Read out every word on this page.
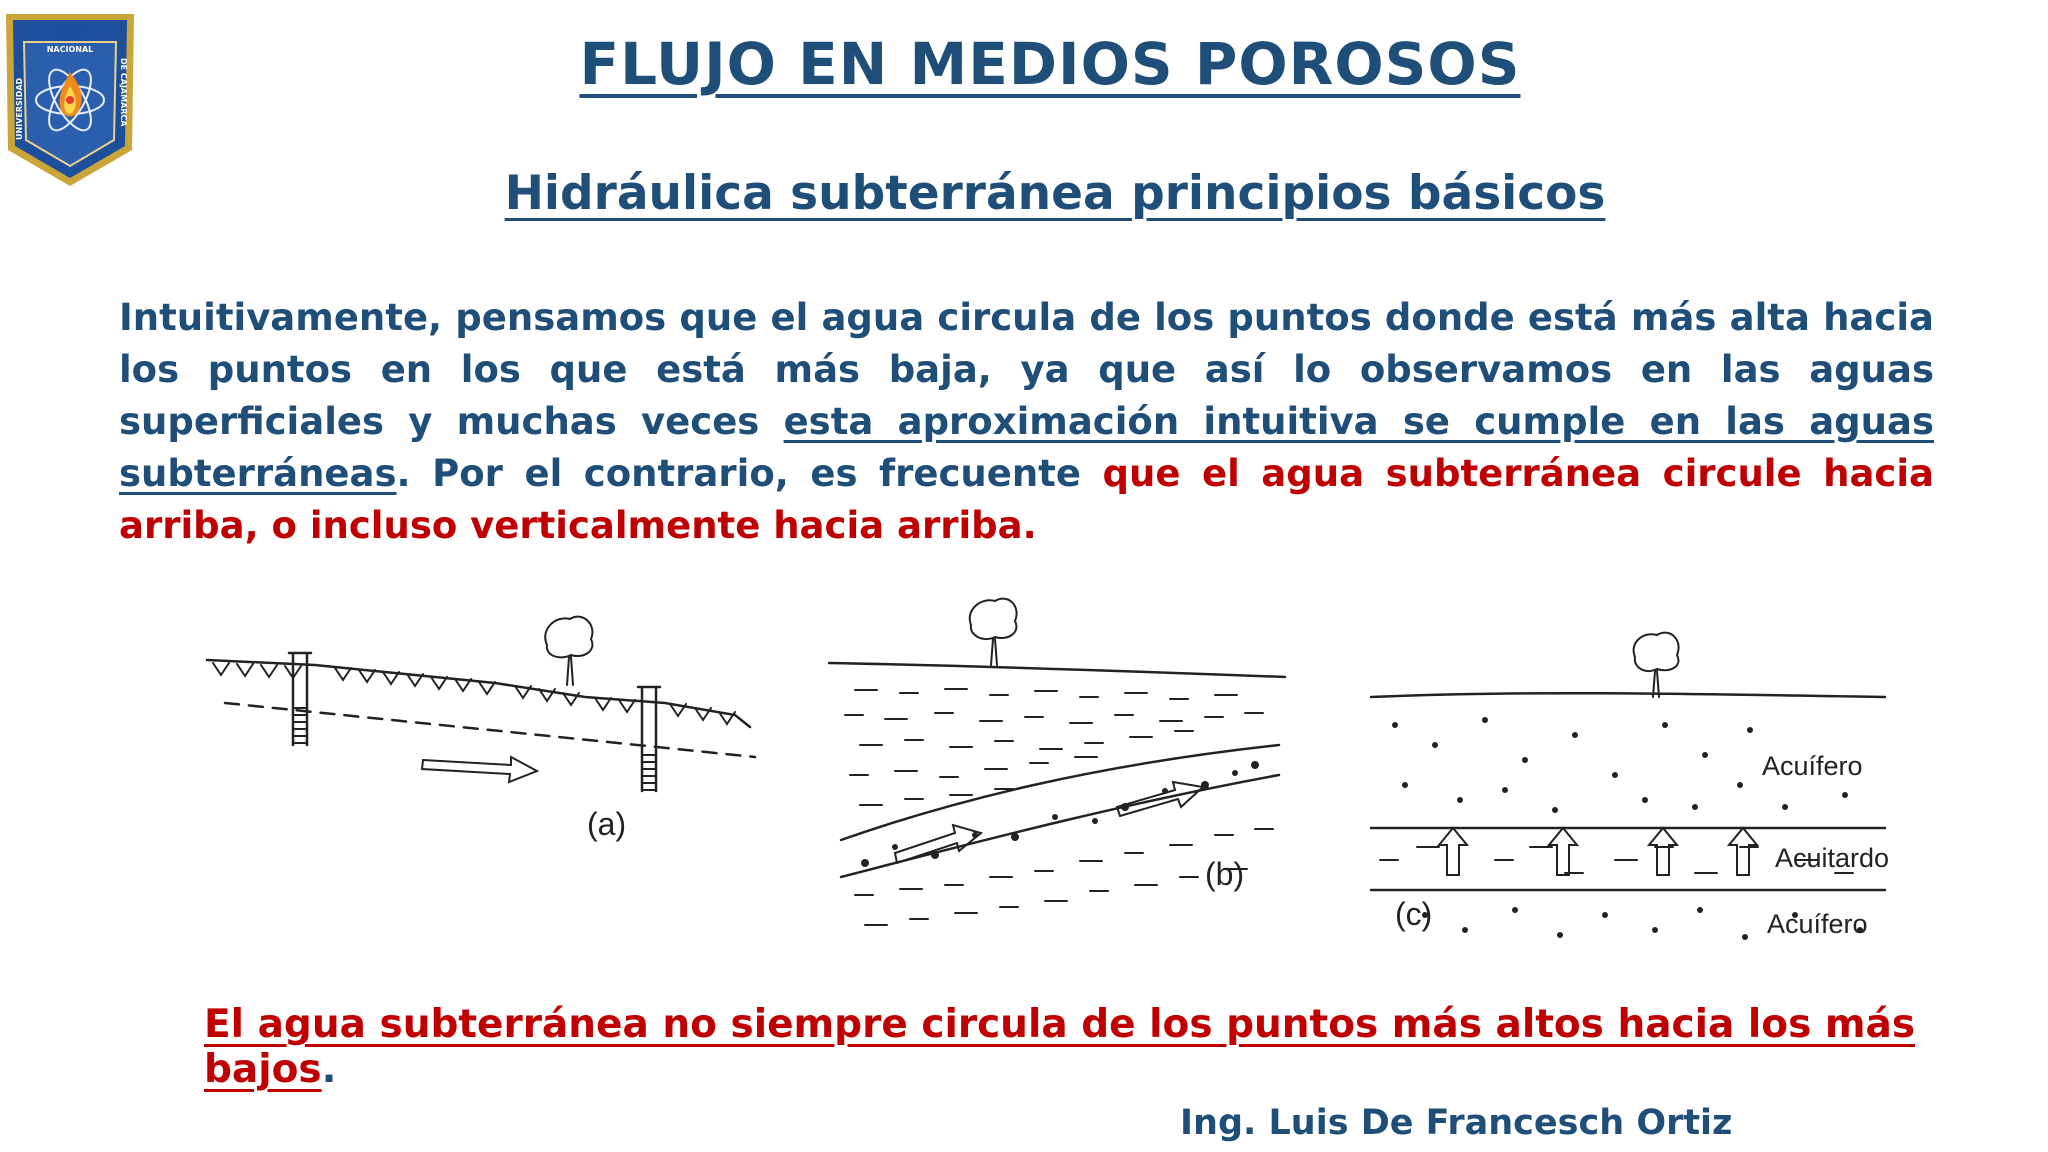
UNC
NACIONAL
UNIVERSIDAD	DE CAJAMARCA	FLUJO EN MEDIOS POROSOS
Hidráulica subterránea principios básicos
Intuitivamente, pensamos que el agua circula de los puntos donde está más alta hacia los puntos en los que está más baja, ya que así lo observamos en las aguas superficiales y muchas veces esta aproximación intuitiva se cumple en las aguas subterráneas. Por el contrario, es frecuente que el agua subterránea circule hacia arriba, o incluso verticalmente hacia arriba.
(a)
(b)
Acuífero
Acuitardo
Acuífero
(c)
El agua subterránea no siempre circula de los puntos más altos hacia los más bajos.
Ing. Luis De Francesch Ortiz
